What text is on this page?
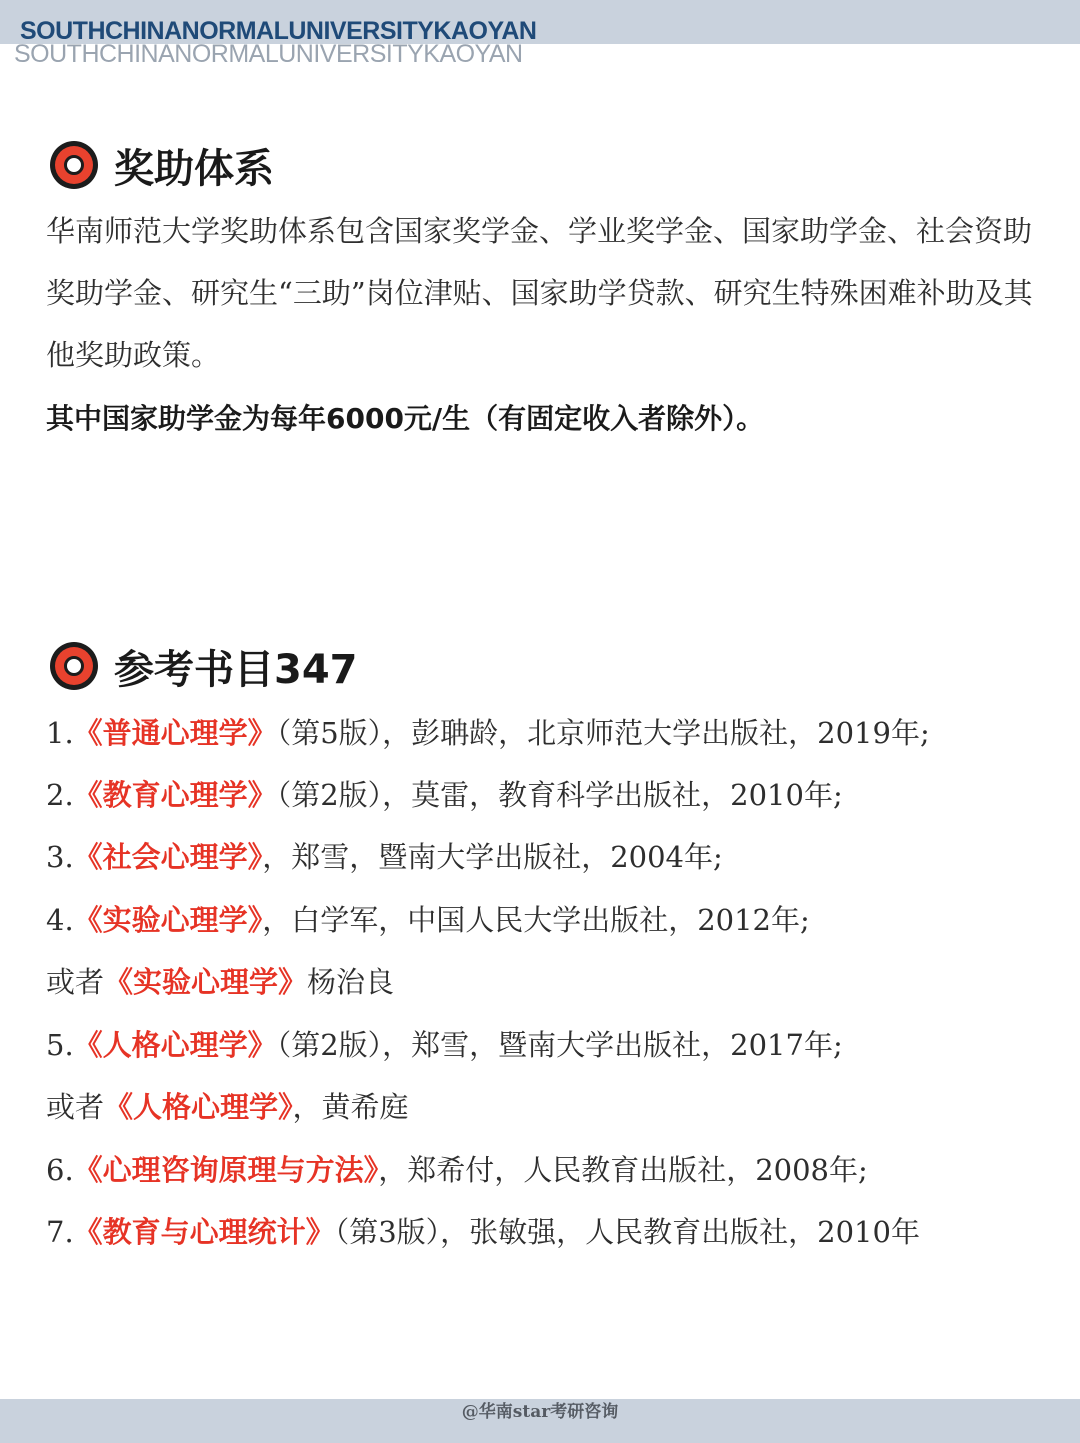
SOUTHCHINANORMALUNIVERSITYKAOYAN
SOUTHCHINANORMALUNIVERSITYKAOYAN
奖助体系
华南师范大学奖助体系包含国家奖学金、学业奖学金、国家助学金、社会资助奖助学金、研究生“三助”岗位津贴、国家助学贷款、研究生特殊困难补助及其他奖助政策。
其中国家助学金为每年6000元/生（有固定收入者除外）。
参考书目347
1.《普通心理学》（第5版），彭聃龄，北京师范大学出版社，2019年;
2.《教育心理学》（第2版），莫雷，教育科学出版社，2010年;
3.《社会心理学》，郑雪，暨南大学出版社，2004年;
4.《实验心理学》，白学军，中国人民大学出版社，2012年;
或者《实验心理学》杨治良
5.《人格心理学》（第2版），郑雪，暨南大学出版社，2017年;
或者《人格心理学》，黄希庭
6.《心理咨询原理与方法》，郑希付，人民教育出版社，2008年;
7.《教育与心理统计》（第3版），张敏强，人民教育出版社，2010年
@华南star考研咨询
